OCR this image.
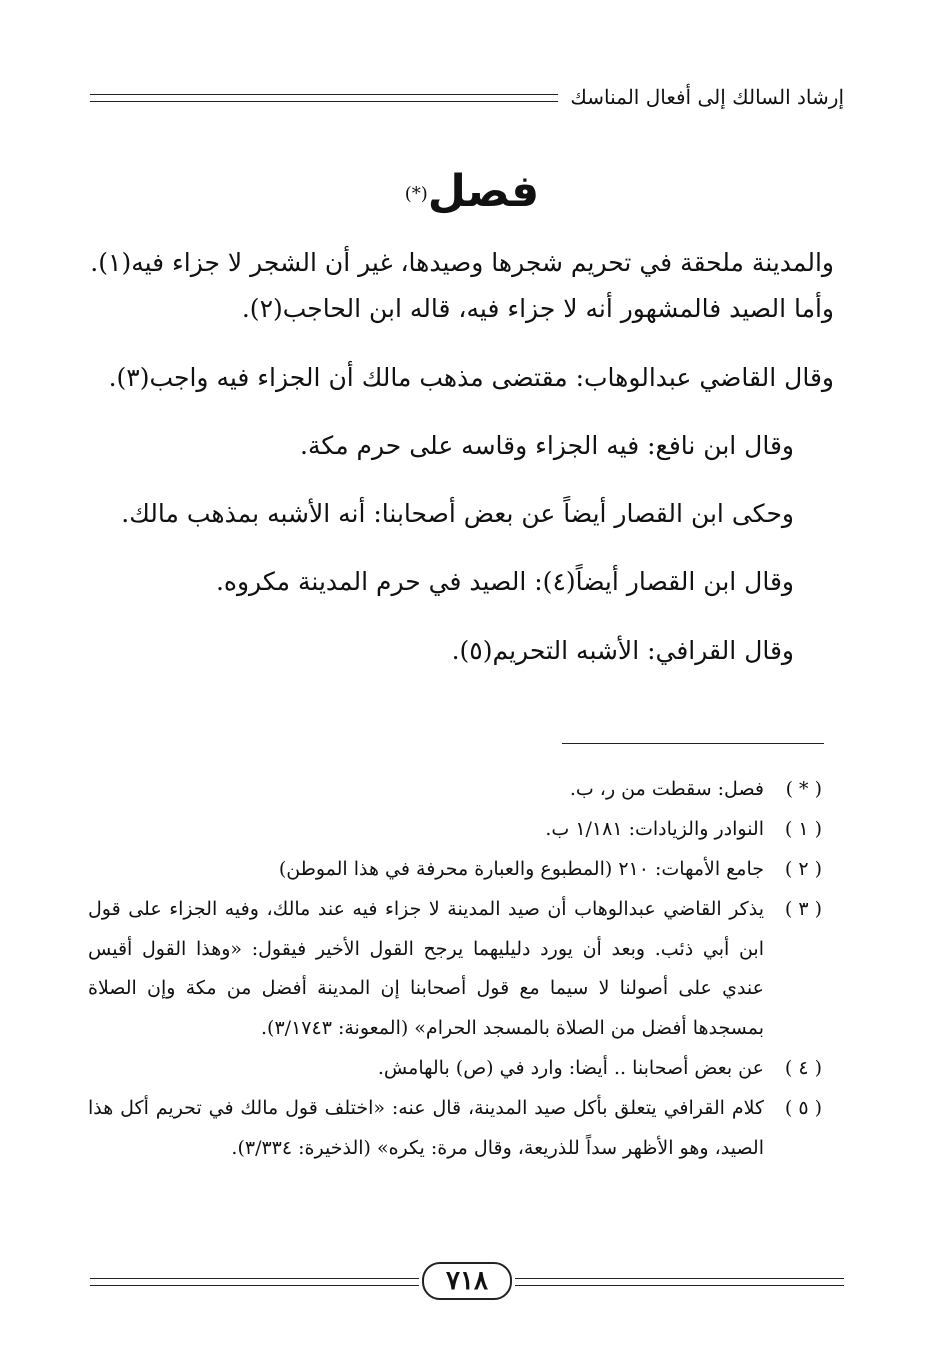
إرشاد السالك إلى أفعال المناسك
فصل(*)

والمدينة ملحقة في تحريم شجرها وصيدها، غير أن الشجر لا جزاء فيه(١). وأما الصيد فالمشهور أنه لا جزاء فيه، قاله ابن الحاجب(٢).

وقال القاضي عبدالوهاب: مقتضى مذهب مالك أن الجزاء فيه واجب(٣).

وقال ابن نافع: فيه الجزاء وقاسه على حرم مكة.

وحكى ابن القصار أيضاً عن بعض أصحابنا: أنه الأشبه بمذهب مالك.

وقال ابن القصار أيضاً(٤): الصيد في حرم المدينة مكروه.

وقال القرافي: الأشبه التحريم(٥).

( * )
فصل: سقطت من ر، ب.
( ١ )
النوادر والزيادات: ١/١٨١ ب.
( ٢ )
جامع الأمهات: ٢١٠ (المطبوع والعبارة محرفة في هذا الموطن)
( ٣ )
يذكر القاضي عبدالوهاب أن صيد المدينة لا جزاء فيه عند مالك، وفيه الجزاء على قول ابن أبي ذئب. وبعد أن يورد دليليهما يرجح القول الأخير فيقول: «وهذا القول أقيس عندي على أصولنا لا سيما مع قول أصحابنا إن المدينة أفضل من مكة وإن الصلاة بمسجدها أفضل من الصلاة بالمسجد الحرام» (المعونة: ٣/١٧٤٣).
( ٤ )
عن بعض أصحابنا .. أيضا: وارد في (ص) بالهامش.
( ٥ )
كلام القرافي يتعلق بأكل صيد المدينة، قال عنه: «اختلف قول مالك في تحريم أكل هذا الصيد، وهو الأظهر سداً للذريعة، وقال مرة: يكره» (الذخيرة: ٣/٣٣٤).
٧١٨
